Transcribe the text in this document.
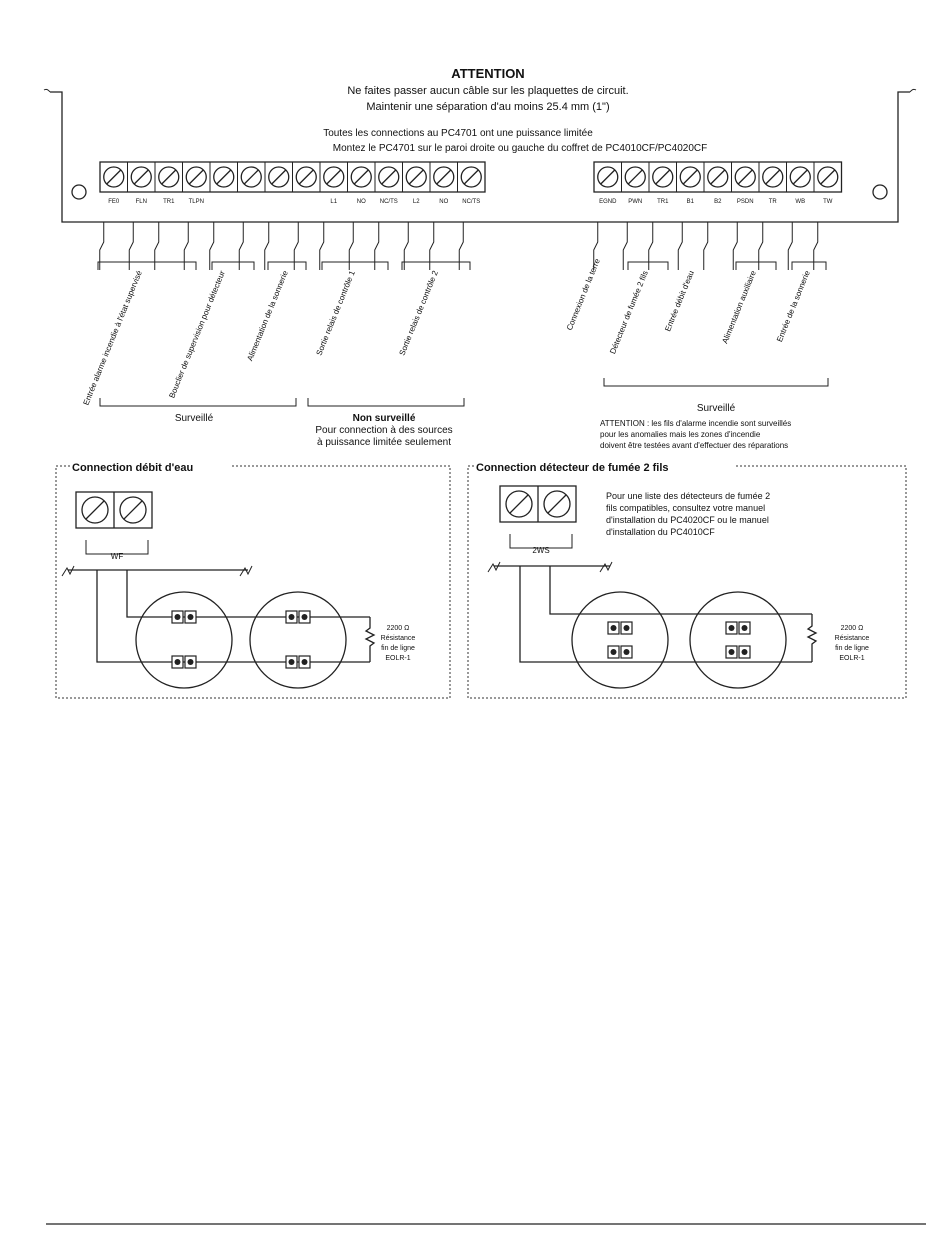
ATTENTION
Ne faites passer aucun câble sur les plaquettes de circuit.
Maintenir une séparation d'au moins 25.4 mm (1")
Toutes les connections au PC4701 ont une puissance limitée
Montez le PC4701 sur le paroi droite ou gauche du coffret de PC4010CF/PC4020CF
FE0	FLN	TR1 TLPN	L1	NO NC/TS	L2	NO NC/TS	EGND PWN TR1	B1	B2	PSDN	TR	WB	TW
Entrée alarme incendie à l'état supervisé	Bouclier de supervision pour détecteur Alimentation de la sonnerie	Sortie relais de contrôle 1	Sortie relais de contrôle 2	Connexion de la terre Détecteur de fumée 2 fils Entrée débit d'eau	Alimentation auxiliaire Entrée de la sonnerie
Surveillé	Non surveillé
Pour connection à des sources
à puissance limitée seulement
Surveillé
ATTENTION : les fils d'alarme incendie sont surveillés
pour les anomalies mais les zones d'incendie
doivent être testées avant d'effectuer des réparations
Connection débit d'eau
WF
2200 Ω
Résistance
fin de ligne
EOLR-1
Connection détecteur de fumée 2 fils
2WS
Pour une liste des détecteurs de fumée 2
fils compatibles, consultez votre manuel
d'installation du PC4020CF ou le manuel
d'installation du PC4010CF
2200 Ω
Résistance
fin de ligne
EOLR-1
